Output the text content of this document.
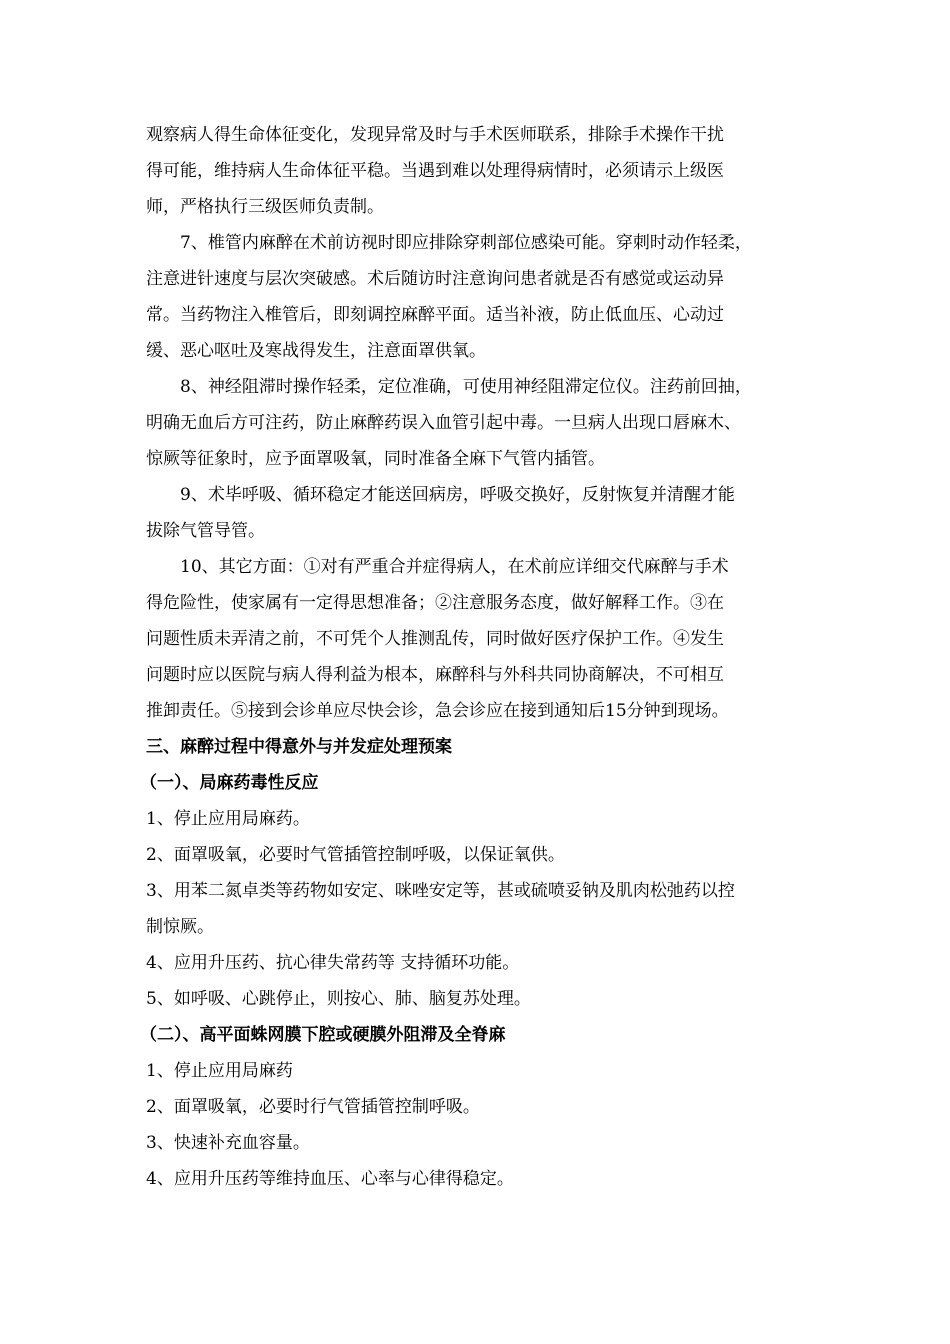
观察病人得生命体征变化，发现异常及时与手术医师联系，排除手术操作干扰
得可能，维持病人生命体征平稳。当遇到难以处理得病情时，必须请示上级医
师，严格执行三级医师负责制。
7、椎管内麻醉在术前访视时即应排除穿刺部位感染可能。穿刺时动作轻柔，
注意进针速度与层次突破感。术后随访时注意询问患者就是否有感觉或运动异
常。当药物注入椎管后，即刻调控麻醉平面。适当补液，防止低血压、心动过
缓、恶心呕吐及寒战得发生，注意面罩供氧。
8、神经阻滞时操作轻柔，定位准确，可使用神经阻滞定位仪。注药前回抽，
明确无血后方可注药，防止麻醉药误入血管引起中毒。一旦病人出现口唇麻木、
惊厥等征象时，应予面罩吸氧，同时准备全麻下气管内插管。
9、术毕呼吸、循环稳定才能送回病房，呼吸交换好，反射恢复并清醒才能
拔除气管导管。
10、其它方面：①对有严重合并症得病人，在术前应详细交代麻醉与手术
得危险性，使家属有一定得思想准备；②注意服务态度，做好解释工作。③在
问题性质未弄清之前，不可凭个人推测乱传，同时做好医疗保护工作。④发生
问题时应以医院与病人得利益为根本，麻醉科与外科共同协商解决，不可相互
推卸责任。⑤接到会诊单应尽快会诊，急会诊应在接到通知后15分钟到现场。
三、麻醉过程中得意外与并发症处理预案
（一）、局麻药毒性反应
1、停止应用局麻药。
2、面罩吸氧，必要时气管插管控制呼吸，以保证氧供。
3、用苯二氮卓类等药物如安定、咪唑安定等，甚或硫喷妥钠及肌肉松弛药以控
制惊厥。
4、应用升压药、抗心律失常药等 支持循环功能。
5、如呼吸、心跳停止，则按心、肺、脑复苏处理。
（二）、高平面蛛网膜下腔或硬膜外阻滞及全脊麻
1、停止应用局麻药
2、面罩吸氧，必要时行气管插管控制呼吸。
3、快速补充血容量。
4、应用升压药等维持血压、心率与心律得稳定。
